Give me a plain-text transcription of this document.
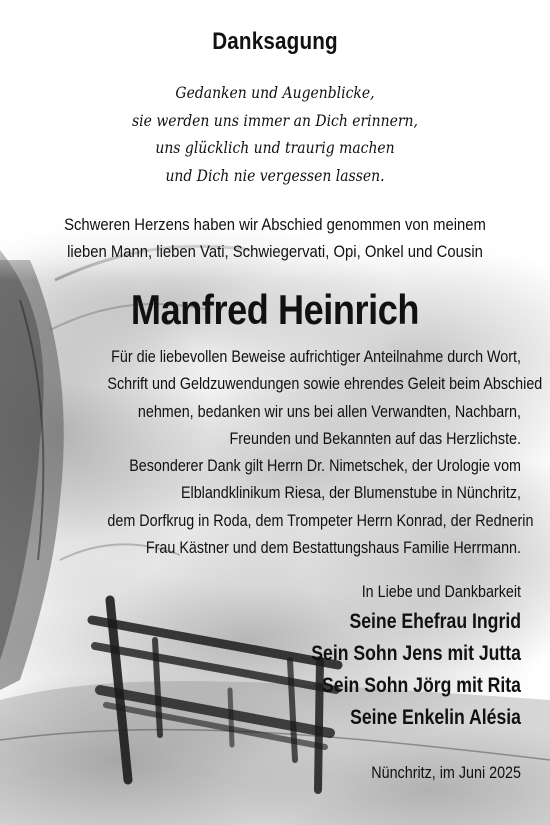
Danksagung
Gedanken und Augenblicke,
sie werden uns immer an Dich erinnern,
uns glücklich und traurig machen
und Dich nie vergessen lassen.
Schweren Herzens haben wir Abschied genommen von meinem
lieben Mann, lieben Vati, Schwiegervati, Opi, Onkel und Cousin
Manfred Heinrich
Für die liebevollen Beweise aufrichtiger Anteilnahme durch Wort,
Schrift und Geldzuwendungen sowie ehrendes Geleit beim Abschied
nehmen, bedanken wir uns bei allen Verwandten, Nachbarn,
Freunden und Bekannten auf das Herzlichste.
Besonderer Dank gilt Herrn Dr. Nimetschek, der Urologie vom
Elblandklinikum Riesa, der Blumenstube in Nünchritz,
dem Dorfkrug in Roda, dem Trompeter Herrn Konrad, der Rednerin
Frau Kästner und dem Bestattungshaus Familie Herrmann.
In Liebe und Dankbarkeit
Seine Ehefrau Ingrid
Sein Sohn Jens mit Jutta
Sein Sohn Jörg mit Rita
Seine Enkelin Alésia
Nünchritz, im Juni 2025
